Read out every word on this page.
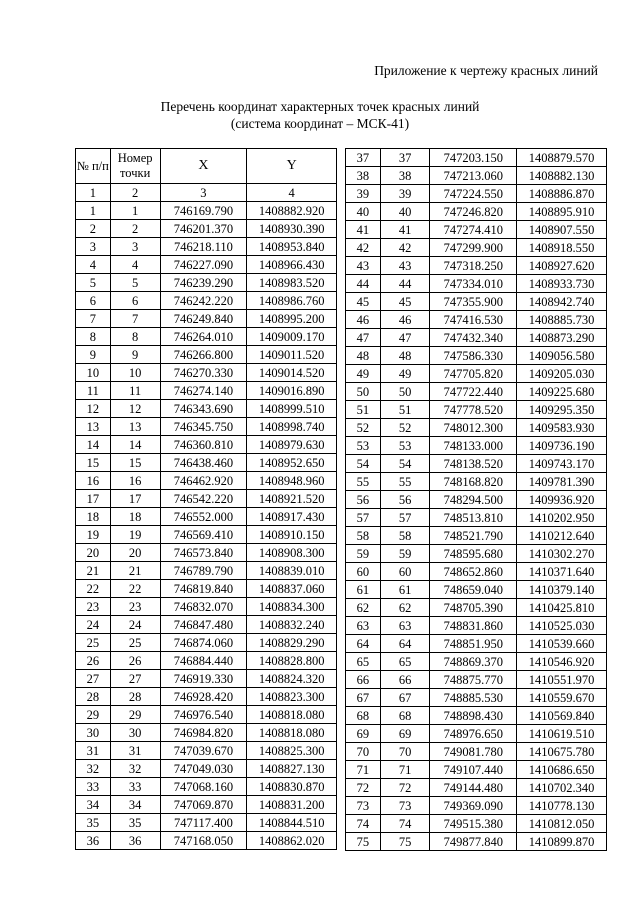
Приложение к чертежу красных линий
Перечень координат характерных точек красных линий
(система координат – МСК-41)
№ п/п	Номер точки	X	Y
1	2	3	4
1	1	746169.790	1408882.920
2	2	746201.370	1408930.390
3	3	746218.110	1408953.840
4	4	746227.090	1408966.430
5	5	746239.290	1408983.520
6	6	746242.220	1408986.760
7	7	746249.840	1408995.200
8	8	746264.010	1409009.170
9	9	746266.800	1409011.520
10	10	746270.330	1409014.520
11	11	746274.140	1409016.890
12	12	746343.690	1408999.510
13	13	746345.750	1408998.740
14	14	746360.810	1408979.630
15	15	746438.460	1408952.650
16	16	746462.920	1408948.960
17	17	746542.220	1408921.520
18	18	746552.000	1408917.430
19	19	746569.410	1408910.150
20	20	746573.840	1408908.300
21	21	746789.790	1408839.010
22	22	746819.840	1408837.060
23	23	746832.070	1408834.300
24	24	746847.480	1408832.240
25	25	746874.060	1408829.290
26	26	746884.440	1408828.800
27	27	746919.330	1408824.320
28	28	746928.420	1408823.300
29	29	746976.540	1408818.080
30	30	746984.820	1408818.080
31	31	747039.670	1408825.300
32	32	747049.030	1408827.130
33	33	747068.160	1408830.870
34	34	747069.870	1408831.200
35	35	747117.400	1408844.510
36	36	747168.050	1408862.020
37	37	747203.150	1408879.570
38	38	747213.060	1408882.130
39	39	747224.550	1408886.870
40	40	747246.820	1408895.910
41	41	747274.410	1408907.550
42	42	747299.900	1408918.550
43	43	747318.250	1408927.620
44	44	747334.010	1408933.730
45	45	747355.900	1408942.740
46	46	747416.530	1408885.730
47	47	747432.340	1408873.290
48	48	747586.330	1409056.580
49	49	747705.820	1409205.030
50	50	747722.440	1409225.680
51	51	747778.520	1409295.350
52	52	748012.300	1409583.930
53	53	748133.000	1409736.190
54	54	748138.520	1409743.170
55	55	748168.820	1409781.390
56	56	748294.500	1409936.920
57	57	748513.810	1410202.950
58	58	748521.790	1410212.640
59	59	748595.680	1410302.270
60	60	748652.860	1410371.640
61	61	748659.040	1410379.140
62	62	748705.390	1410425.810
63	63	748831.860	1410525.030
64	64	748851.950	1410539.660
65	65	748869.370	1410546.920
66	66	748875.770	1410551.970
67	67	748885.530	1410559.670
68	68	748898.430	1410569.840
69	69	748976.650	1410619.510
70	70	749081.780	1410675.780
71	71	749107.440	1410686.650
72	72	749144.480	1410702.340
73	73	749369.090	1410778.130
74	74	749515.380	1410812.050
75	75	749877.840	1410899.870
